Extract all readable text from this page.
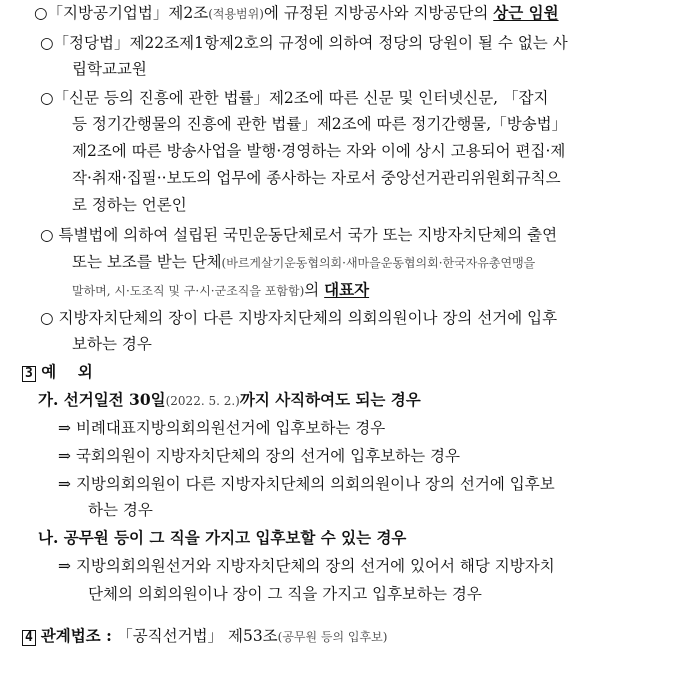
○「지방공기업법」제2조(적용범위)에 규정된 지방공사와 지방공단의 상근 임원
○「정당법」제22조제1항제2호의 규정에 의하여 정당의 당원이 될 수 없는 사
립학교교원
○「신문 등의 진흥에 관한 법률」제2조에 따른 신문 및 인터넷신문, 「잡지
등 정기간행물의 진흥에 관한 법률」제2조에 따른 정기간행물,「방송법」
제2조에 따른 방송사업을 발행·경영하는 자와 이에 상시 고용되어 편집·제
작·취재·집필··보도의 업무에 종사하는 자로서 중앙선거관리위원회규칙으
로 정하는 언론인
○ 특별법에 의하여 설립된 국민운동단체로서 국가 또는 지방자치단체의 출연
또는 보조를 받는 단체(바르게살기운동협의회·새마을운동협의회·한국자유총연맹을
말하며, 시·도조직 및 구·시·군조직을 포함함)의 대표자
○ 지방자치단체의 장이 다른 지방자치단체의 의회의원이나 장의 선거에 입후
보하는 경우
3 예    외
가. 선거일전 30일(2022. 5. 2.)까지 사직하여도 되는 경우
⇒ 비례대표지방의회의원선거에 입후보하는 경우
⇒ 국회의원이 지방자치단체의 장의 선거에 입후보하는 경우
⇒ 지방의회의원이 다른 지방자치단체의 의회의원이나 장의 선거에 입후보
하는 경우
나. 공무원 등이 그 직을 가지고 입후보할 수 있는 경우
⇒ 지방의회의원선거와 지방자치단체의 장의 선거에 있어서 해당 지방자치
단체의 의회의원이나 장이 그 직을 가지고 입후보하는 경우
4 관계법조 : 「공직선거법」 제53조(공무원 등의 입후보)
